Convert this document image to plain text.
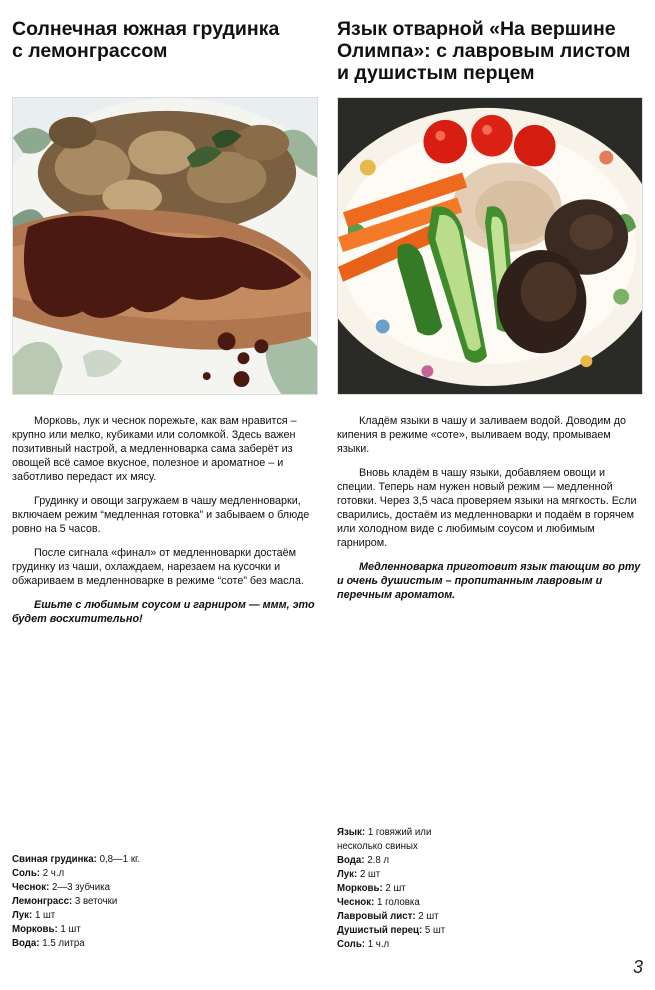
Солнечная южная грудинка
с лемонграссом

Морковь, лук и чеснок порежьте, как вам нравится – крупно или мелко, кубиками или соломкой. Здесь важен позитивный настрой, а медленноварка сама заберёт из овощей всё самое вкусное, полезное и ароматное – и заботливо передаст их мясу.

Грудинку и овощи загружаем в чашу медленноварки, включаем режим “медленная готовка” и забываем о блюде ровно на 5 часов.

После сигнала «финал» от медленноварки достаём грудинку из чаши, охлаждаем, нарезаем на кусочки и обжариваем в медленноварке в режиме “соте” без масла.

Ешьте с любимым соусом и гарниром — ммм, это будет восхитительно!

Свиная грудинка: 0,8—1 кг.
Соль: 2 ч.л
Чеснок: 2—3 зубчика
Лемонграсс: 3 веточки
Лук: 1 шт
Морковь: 1 шт
Вода: 1.5 литра
Язык отварной «На вершине
Олимпа»: с лавровым листом
и душистым перцем

Кладём языки в чашу и заливаем водой. Доводим до кипения в режиме «соте», выливаем воду, промываем языки.

Вновь кладём в чашу языки, добавляем овощи и специи. Теперь нам нужен новый режим — медленной готовки. Через 3,5 часа проверяем языки на мягкость. Если сварились, достаём из медленноварки и подаём в горячем или холодном виде с любимым соусом и любимым гарниром.

Медленноварка приготовит язык тающим во рту и очень душистым – пропитанным лавровым и перечным ароматом.

Язык: 1 говяжий или
несколько свиных
Вода: 2.8 л
Лук: 2 шт
Морковь: 2 шт
Чеснок: 1 головка
Лавровый лист: 2 шт
Душистый перец: 5 шт
Соль: 1 ч.л
3
